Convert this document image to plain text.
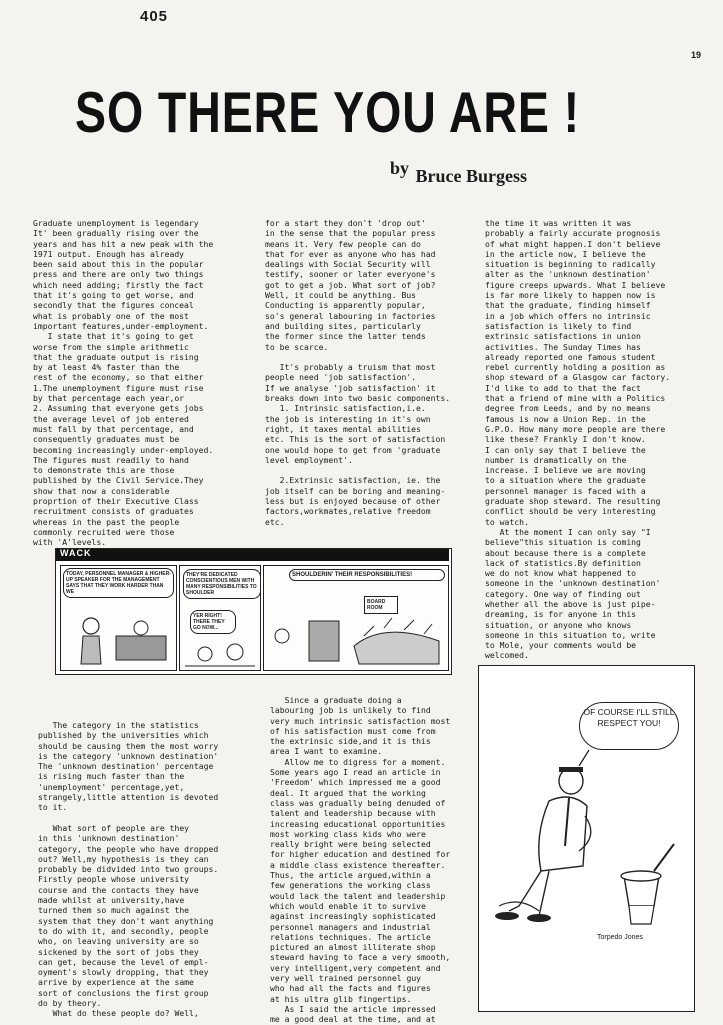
405
19
SO THERE YOU ARE !
by Bruce Burgess
Graduate unemployment is legendary
It' been gradually rising over the
years and has hit a new peak with the
1971 output. Enough has already
been said about this in the popular
press and there are only two things
which need adding; firstly the fact
that it's going to get worse, and
secondly that the figures conceal
what is probably one of the most
important features,under-employment.
I state that it's going to get
worse from the simple arithmetic
that the graduate output is rising
by at least 4% faster than the
rest of the economy, so that either
1.The unemployment figure must rise
by that percentage each year,or
2. Assuming that everyone gets jobs
the average level of job entered
must fall by that percentage, and
consequently graduates must be
becoming increasingly under-employed.
The figures must readily to hand
to demonstrate this are those
published by the Civil Service.They
show that now a considerable
proprtion of their Executive Class
recruitment consists of graduates
whereas in the past the people
commonly recruited were those
with 'A'levels.
for a start they don't 'drop out'
in the sense that the popular press
means it. Very few people can do
that for ever as anyone who has had
dealings with Social Security will
testify, sooner or later everyone's
got to get a job. What sort of job?
Well, it could be anything. Bus
Conducting is apparently popular,
so's general labouring in factories
and building sites, particularly
the former since the latter tends
to be scarce.

It's probably a truism that most
people need 'job satisfaction'.
If we analyse 'job satisfaction' it
breaks down into two basic components.
1. Intrinsic satisfaction,i.e.
the job is interesting in it's own
right, it taxes mental abilities
etc. This is the sort of satisfaction
one would hope to get from 'graduate
level employment'.

2.Extrinsic satisfaction, ie. the
job itself can be boring and meaning-
less but is enjoyed because of other
factors,workmates,relative freedom
etc.
the time it was written it was
probably a fairly accurate prognosis
of what might happen.I don't believe
in the article now, I believe the
situation is beginning to radically
alter as the 'unknown destination'
figure creeps upwards. What I believe
is far more likely to happen now is
that the graduate, finding himself
in a job which offers no intrinsic
satisfaction is likely to find
extrinsic satisfactions in union
activities. The Sunday Times has
already reported one famous student
rebel currently holding a position as
shop steward of a Glasgow car factory.
I'd like to add to that the fact
that a friend of mine with a Politics
degree from Leeds, and by no means
famous is now a Union Rep. in the
G.P.O. How many more people are there
like these? Frankly I don't know.
I can only say that I believe the
number is dramatically on the
increase. I believe we are moving
to a situation where the graduate
personnel manager is faced with a
graduate shop steward. The resulting
conflict should be very interesting
to watch.
At the moment I can only say "I
believe"this situation is coming
about because there is a complete
lack of statistics.By definition
we do not know what happened to
someone in the 'unknown destination'
category. One way of finding out
whether all the above is just pipe-
dreaming, is for anyone in this
situation, or anyone who knows
someone in this situation to, write
to Mole, your comments would be
welcomed.
TODAY, PERSONNEL MANAGER & HIGHER-UP SPEAKER FOR THE MANAGEMENT SAYS THAT THEY WORK HARDER THAN WE
THEY'RE DEDICATED CONSCIENTIOUS MEN WITH MANY RESPONSIBILITIES TO SHOULDER
YER RIGHT! THERE THEY GO NOW...
SHOULDERIN' THEIR RESPONSIBILITIES!
BOARD ROOM
WACK
The category in the statistics
published by the universities which
should be causing them the most worry
is the category 'unknown destination'
The 'unknown destination' percentage
is rising much faster than the
'unemployment' percentage,yet,
strangely,little attention is devoted
to it.

What sort of people are they
in this 'unknown destination'
category, the people who have dropped
out? Well,my hypothesis is they can
probably be didvided into two groups.
Firstly people whose university
course and the contacts they have
made whilst at university,have
turned them so much against the
system that they don't want anything
to do with it, and secondly, people
who, on leaving university are so
sickened by the sort of jobs they
can get, because the level of empl-
oyment's slowly dropping, that they
arrive by experience at the same
sort of conclusions the first group
do by theory.
What do these people do? Well,
Since a graduate doing a
labouring job is unlikely to find
very much intrinsic satisfaction most
of his satisfaction must come from
the extrinsic side,and it is this
area I want to examine.
Allow me to digress for a moment.
Some years ago I read an article in
'Freedom' which impressed me a good
deal. It argued that the working
class was gradually being denuded of
talent and leadership because with
increasing educational opportunities
most working class kids who were
really bright were being selected
for higher education and destined for
a middle class existence thereafter.
Thus, the article argued,within a
few generations the working class
would lack the talent and leadership
which would enable it to survive
against increasingly sophisticated
personnel managers and industrial
relations techniques. The article
pictured an almost illiterate shop
steward having to face a very smooth,
very intelligent,very competent and
very well trained personnel guy
who had all the facts and figures
at his ultra glib fingertips.
As I said the article impressed
me a good deal at the time, and at
OF COURSE I'LL STILL RESPECT YOU!
Torpedo Jones
